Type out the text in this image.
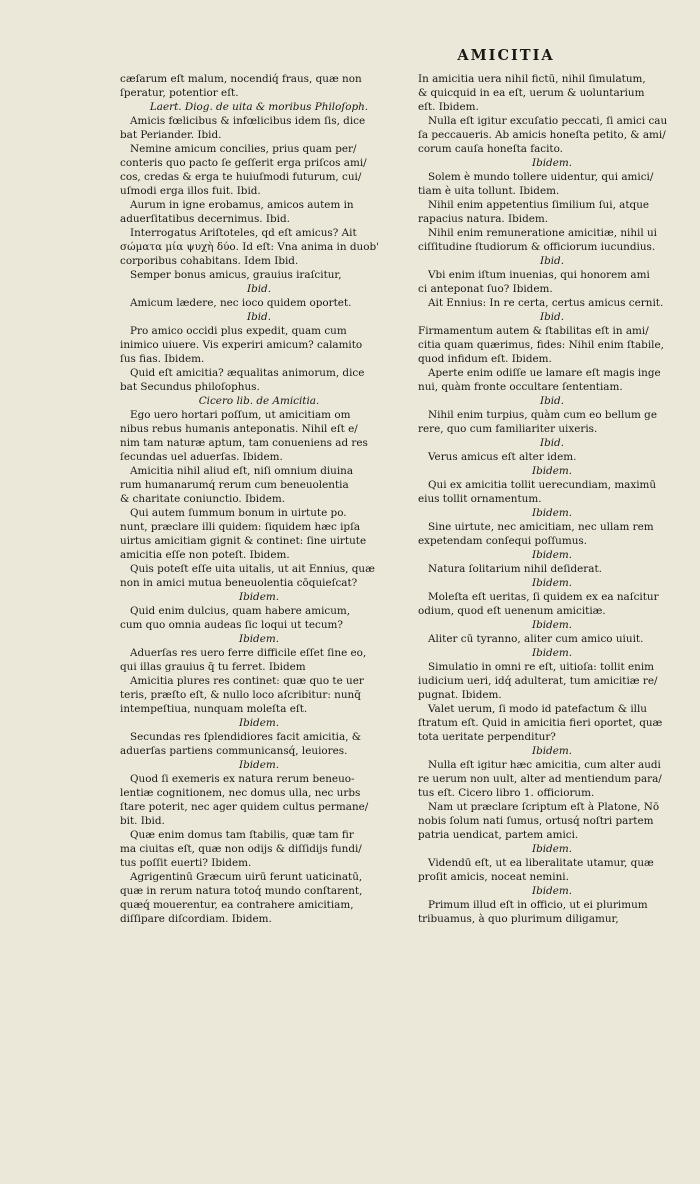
AMICITIA

cæſarum eſt malum, nocendiq́ fraus, quæ non

ſperatur, potentior eſt.

Laert. Diog. de uita & moribus Philoſoph.

Amicis fœlicibus & infœlicibus idem ſis, dice

bat Periander. Ibid.

Nemine amicum concilies, prius quam per/

conteris quo pacto ſe geſſerit erga priſcos ami/

cos, credas & erga te huiuſmodi futurum, cui/

uſmodi erga illos fuit. Ibid.

Aurum in igne erobamus, amicos autem in

aduerſitatibus decernimus. Ibid.

Interrogatus Ariſtoteles, qd eſt amicus? Ait

σώματα μία ψυχὴ δύο. Id eſt: Vna anima in duob'

corporibus cohabitans. Idem Ibid.

Semper bonus amicus, grauius iraſcitur,

Ibid.

Amicum lædere, nec ioco quidem oportet.

Ibid.

Pro amico occidi plus expedit, quam cum

inimico uiuere. Vis experiri amicum? calamito

ſus fias. Ibidem.

Quid eſt amicitia? æqualitas animorum, dice

bat Secundus philoſophus.

Cicero lib. de Amicitia.

Ego uero hortari poſſum, ut amicitiam om

nibus rebus humanis anteponatis. Nihil eſt e/

nim tam naturæ aptum, tam conueniens ad res

ſecundas uel aduerſas. Ibidem.

Amicitia nihil aliud eſt, niſi omnium diuina

rum humanarumq́ rerum cum beneuolentia

& charitate coniunctio. Ibidem.

Qui autem ſummum bonum in uirtute po.

nunt, præclare illi quidem: ſiquidem hæc ipſa

uirtus amicitiam gignit & continet: ſine uirtute

amicitia eſſe non poteſt. Ibidem.

Quis poteſt eſſe uita uitalis, ut ait Ennius, quæ

non in amici mutua beneuolentia cōquieſcat?

Ibidem.

Quid enim dulcius, quam habere amicum,

cum quo omnia audeas ſic loqui ut tecum?

Ibidem.

Aduerſas res uero ferre difficile eſſet ſine eo,

qui illas grauius q̄ tu ferret. Ibidem

Amicitia plures res continet: quæ quo te uer

teris, præſto eſt, & nullo loco aſcribitur: nunq̄

intempeſtiua, nunquam moleſta eſt.

Ibidem.

Secundas res ſplendidiores facit amicitia, &

aduerſas partiens communicansq́, leuiores.

Ibidem.

Quod ſi exemeris ex natura rerum beneuo-

lentiæ cognitionem, nec domus ulla, nec urbs

ſtare poterit, nec ager quidem cultus permane/

bit. Ibid.

Quæ enim domus tam ſtabilis, quæ tam fir

ma ciuitas eſt, quæ non odijs & diſſidijs fundi/

tus poſſit euerti? Ibidem.

Agrigentinū Græcum uirū ferunt uaticinatū,

quæ in rerum natura totoq́ mundo conſtarent,

quæq́ mouerentur, ea contrahere amicitiam,

diſſipare diſcordiam. Ibidem.

In amicitia uera nihil fictū, nihil ſimulatum,

& quicquid in ea eſt, uerum & uoluntarium

eſt. Ibidem.

Nulla eſt igitur excuſatio peccati, ſi amici cau

ſa peccaueris. Ab amicis honeſta petito, & ami/

corum cauſa honeſta facito.

Ibidem.

Solem è mundo tollere uidentur, qui amici/

tiam è uita tollunt. Ibidem.

Nihil enim appetentius ſimilium ſui, atque

rapacius natura. Ibidem.

Nihil enim remuneratione amicitiæ, nihil ui

ciſſitudine ſtudiorum & officiorum iucundius.

Ibid.

Vbi enim iſtum inuenias, qui honorem ami

ci anteponat ſuo? Ibidem.

Ait Ennius: In re certa, certus amicus cernit.

Ibid.

Firmamentum autem & ſtabilitas eſt in ami/

citia quam quærimus, fides: Nihil enim ſtabile,

quod infidum eſt. Ibidem.

Aperte enim odiſſe ue lamare eſt magis inge

nui, quàm fronte occultare ſententiam.

Ibid.

Nihil enim turpius, quàm cum eo bellum ge

rere, quo cum familiariter uixeris.

Ibid.

Verus amicus eſt alter idem.

Ibidem.

Qui ex amicitia tollit uerecundiam, maximū

eius tollit ornamentum.

Ibidem.

Sine uirtute, nec amicitiam, nec ullam rem

expetendam conſequi poſſumus.

Ibidem.

Natura ſolitarium nihil deſiderat.

Ibidem.

Moleſta eſt ueritas, ſi quidem ex ea naſcitur

odium, quod eſt uenenum amicitiæ.

Ibidem.

Aliter cū tyranno, aliter cum amico uiuit.

Ibidem.

Simulatio in omni re eſt, uitioſa: tollit enim

iudicium ueri, idq́ adulterat, tum amicitiæ re/

pugnat. Ibidem.

Valet uerum, ſi modo id patefactum & illu

ſtratum eſt. Quid in amicitia fieri oportet, quæ

tota ueritate perpenditur?

Ibidem.

Nulla eſt igitur hæc amicitia, cum alter audi

re uerum non uult, alter ad mentiendum para/

tus eſt. Cicero libro 1. officiorum.

Nam ut præclare ſcriptum eſt à Platone, Nō

nobis ſolum nati ſumus, ortusq́ noſtri partem

patria uendicat, partem amici.

Ibidem.

Videndū eſt, ut ea liberalitate utamur, quæ

proſit amicis, noceat nemini.

Ibidem.

Primum illud eſt in officio, ut ei plurimum

tribuamus, à quo plurimum diligamur,
